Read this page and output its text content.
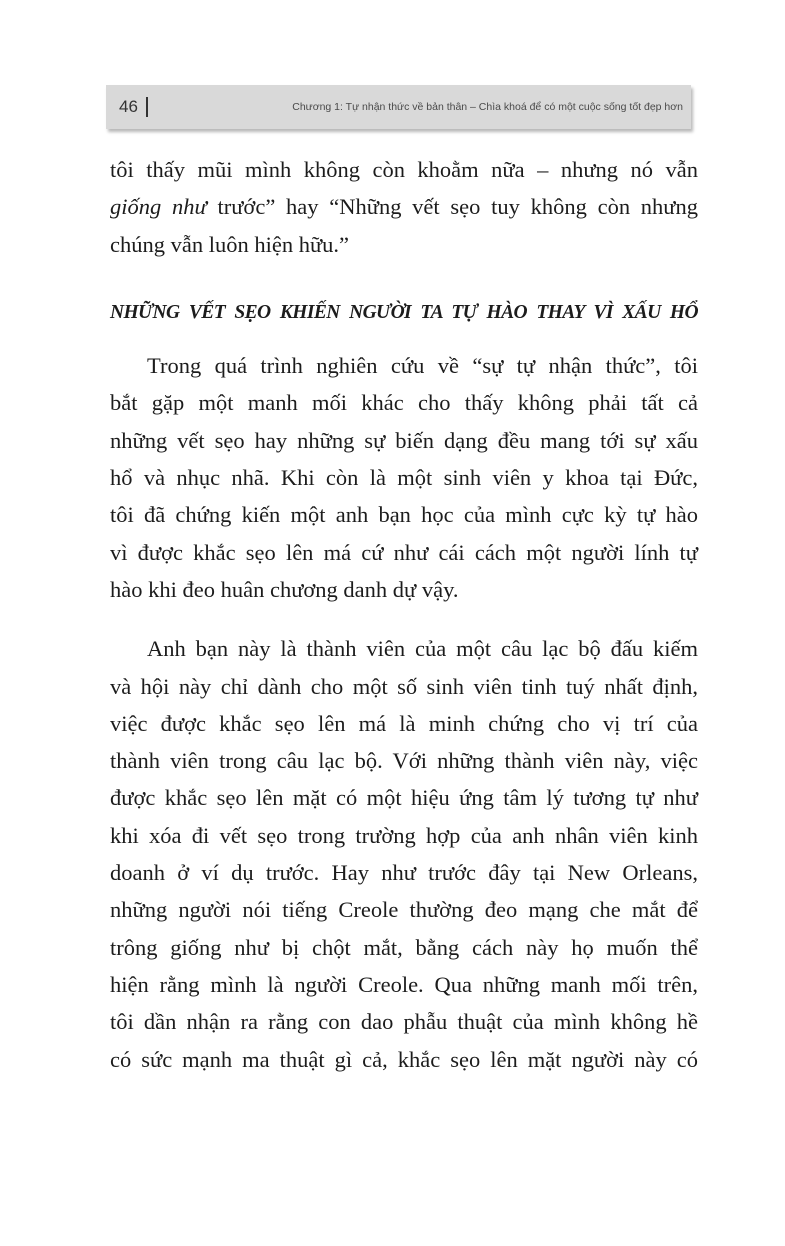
46	Chương 1: Tự nhận thức về bản thân – Chìa khoá để có một cuộc sống tốt đẹp hơn
tôi thấy mũi mình không còn khoằm nữa – nhưng nó vẫn
giống như trước” hay “Những vết sẹo tuy không còn nhưng
chúng vẫn luôn hiện hữu.”
NHỮNG VẾT SẸO KHIẾN NGƯỜI TA TỰ HÀO THAY VÌ XẤU HỔ
Trong quá trình nghiên cứu về “sự tự nhận thức”, tôi
bắt gặp một manh mối khác cho thấy không phải tất cả
những vết sẹo hay những sự biến dạng đều mang tới sự xấu
hổ và nhục nhã. Khi còn là một sinh viên y khoa tại Đức,
tôi đã chứng kiến một anh bạn học của mình cực kỳ tự hào
vì được khắc sẹo lên má cứ như cái cách một người lính tự
hào khi đeo huân chương danh dự vậy.
Anh bạn này là thành viên của một câu lạc bộ đấu kiếm
và hội này chỉ dành cho một số sinh viên tinh tuý nhất định,
việc được khắc sẹo lên má là minh chứng cho vị trí của
thành viên trong câu lạc bộ. Với những thành viên này, việc
được khắc sẹo lên mặt có một hiệu ứng tâm lý tương tự như
khi xóa đi vết sẹo trong trường hợp của anh nhân viên kinh
doanh ở ví dụ trước. Hay như trước đây tại New Orleans,
những người nói tiếng Creole thường đeo mạng che mắt để
trông giống như bị chột mắt, bằng cách này họ muốn thể
hiện rằng mình là người Creole. Qua những manh mối trên,
tôi dần nhận ra rằng con dao phẫu thuật của mình không hề
có sức mạnh ma thuật gì cả, khắc sẹo lên mặt người này có
